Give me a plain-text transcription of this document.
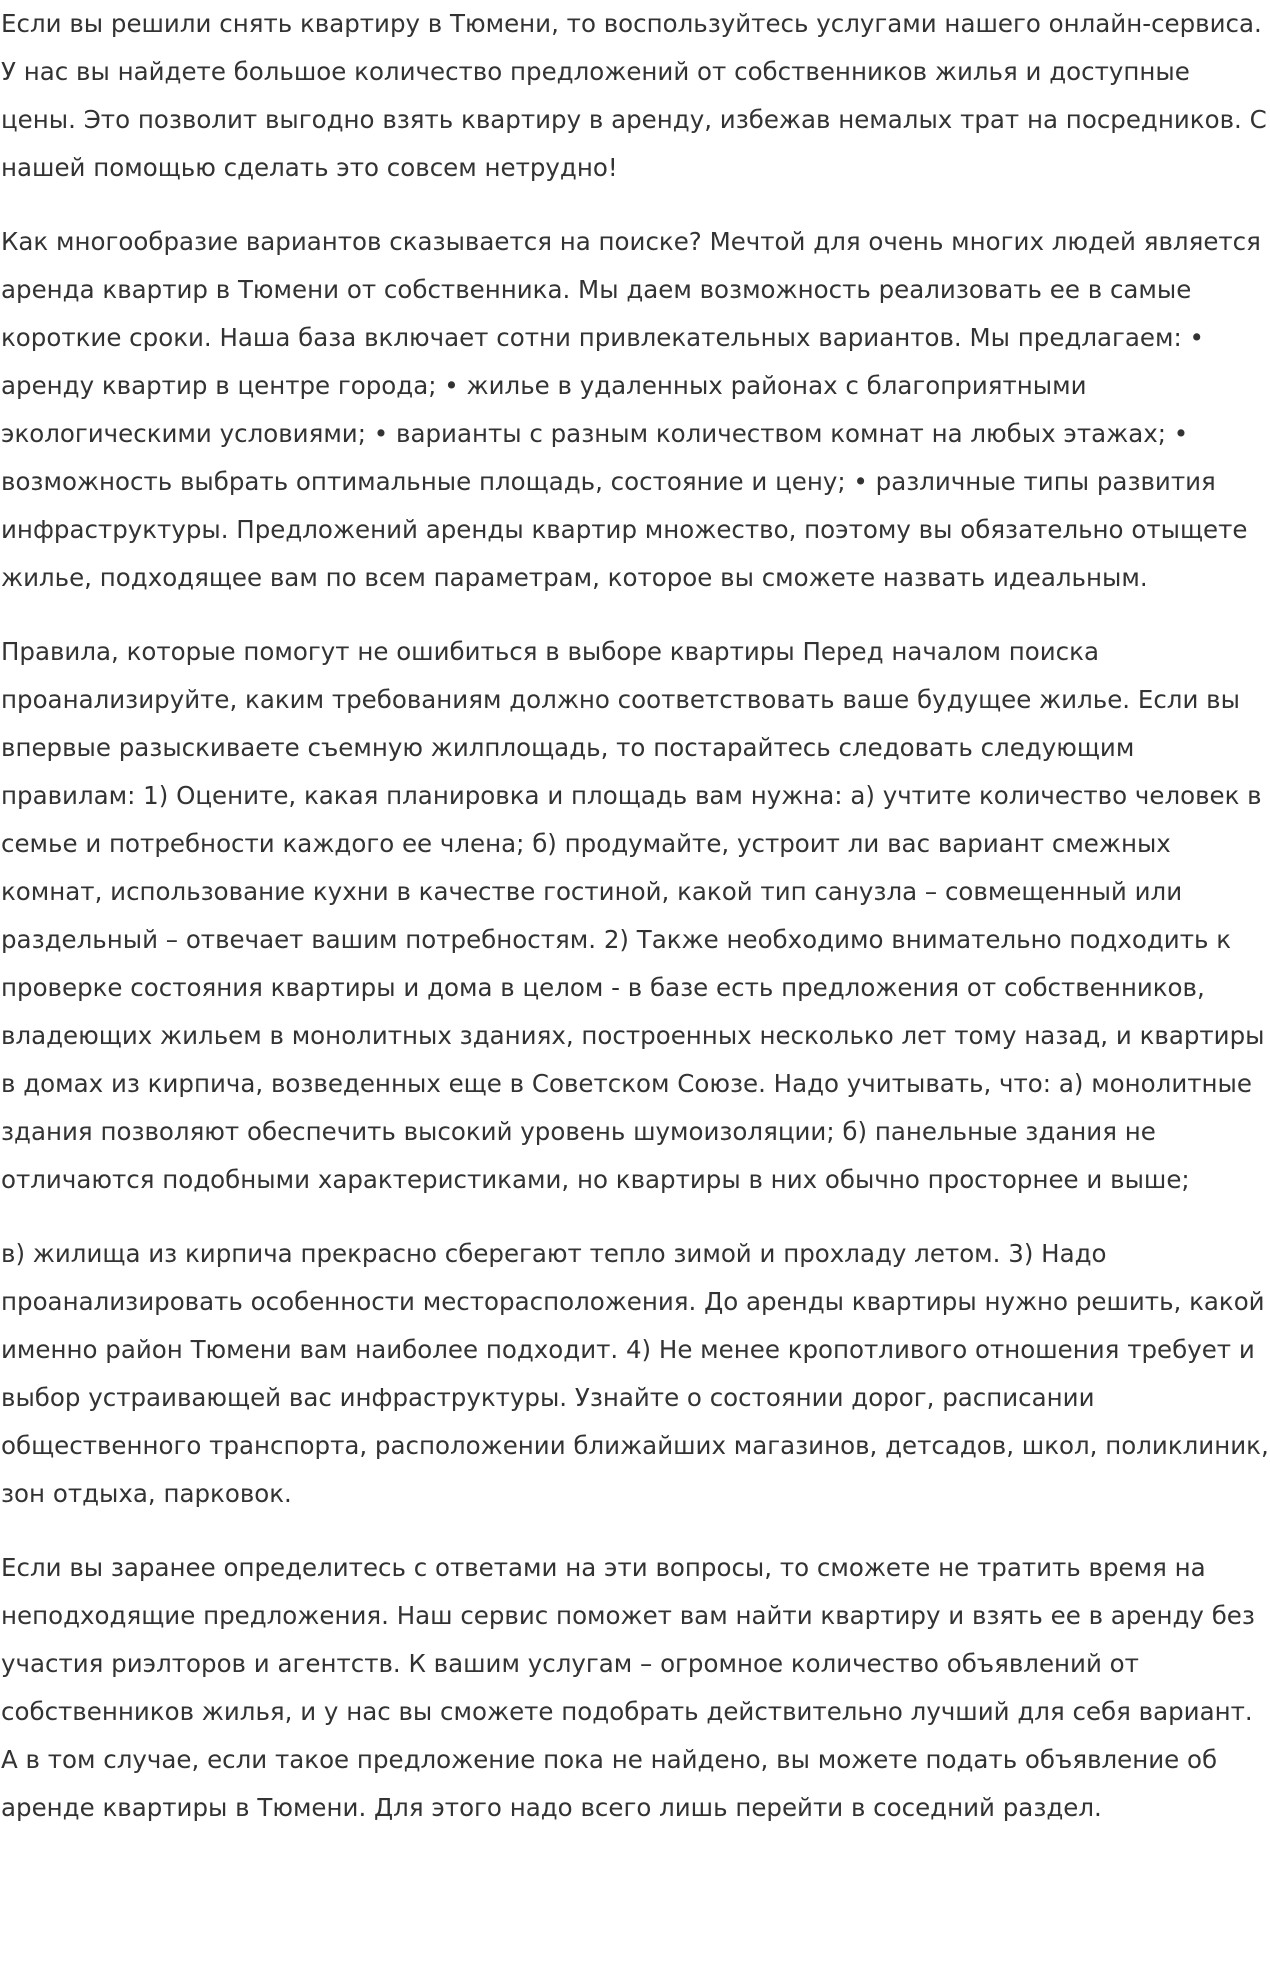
Если вы решили снять квартиру в Тюмени, то воспользуйтесь услугами нашего онлайн-сервиса. У нас вы найдете большое количество предложений от собственников жилья и доступные цены. Это позволит выгодно взять квартиру в аренду, избежав немалых трат на посредников. С нашей помощью сделать это совсем нетрудно!

Как многообразие вариантов сказывается на поиске? Мечтой для очень многих людей является аренда квартир в Тюмени от собственника. Мы даем возможность реализовать ее в самые короткие сроки. Наша база включает сотни привлекательных вариантов. Мы предлагаем: • аренду квартир в центре города; • жилье в удаленных районах с благоприятными экологическими условиями; • варианты с разным количеством комнат на любых этажах; • возможность выбрать оптимальные площадь, состояние и цену; • различные типы развития инфраструктуры. Предложений аренды квартир множество, поэтому вы обязательно отыщете жилье, подходящее вам по всем параметрам, которое вы сможете назвать идеальным.

Правила, которые помогут не ошибиться в выборе квартиры Перед началом поиска проанализируйте, каким требованиям должно соответствовать ваше будущее жилье. Если вы впервые разыскиваете съемную жилплощадь, то постарайтесь следовать следующим правилам: 1) Оцените, какая планировка и площадь вам нужна: а) учтите количество человек в семье и потребности каждого ее члена; б) продумайте, устроит ли вас вариант смежных комнат, использование кухни в качестве гостиной, какой тип санузла – совмещенный или раздельный – отвечает вашим потребностям. 2) Также необходимо внимательно подходить к проверке состояния квартиры и дома в целом - в базе есть предложения от собственников, владеющих жильем в монолитных зданиях, построенных несколько лет тому назад, и квартиры в домах из кирпича, возведенных еще в Советском Союзе. Надо учитывать, что: а) монолитные здания позволяют обеспечить высокий уровень шумоизоляции; б) панельные здания не отличаются подобными характеристиками, но квартиры в них обычно просторнее и выше;

в) жилища из кирпича прекрасно сберегают тепло зимой и прохладу летом. 3) Надо проанализировать особенности месторасположения. До аренды квартиры нужно решить, какой именно район Тюмени вам наиболее подходит. 4) Не менее кропотливого отношения требует и выбор устраивающей вас инфраструктуры. Узнайте о состоянии дорог, расписании общественного транспорта, расположении ближайших магазинов, детсадов, школ, поликлиник, зон отдыха, парковок.

Если вы заранее определитесь с ответами на эти вопросы, то сможете не тратить время на неподходящие предложения. Наш сервис поможет вам найти квартиру и взять ее в аренду без участия риэлторов и агентств. К вашим услугам – огромное количество объявлений от собственников жилья, и у нас вы сможете подобрать действительно лучший для себя вариант. А в том случае, если такое предложение пока не найдено, вы можете подать объявление об аренде квартиры в Тюмени. Для этого надо всего лишь перейти в соседний раздел.
